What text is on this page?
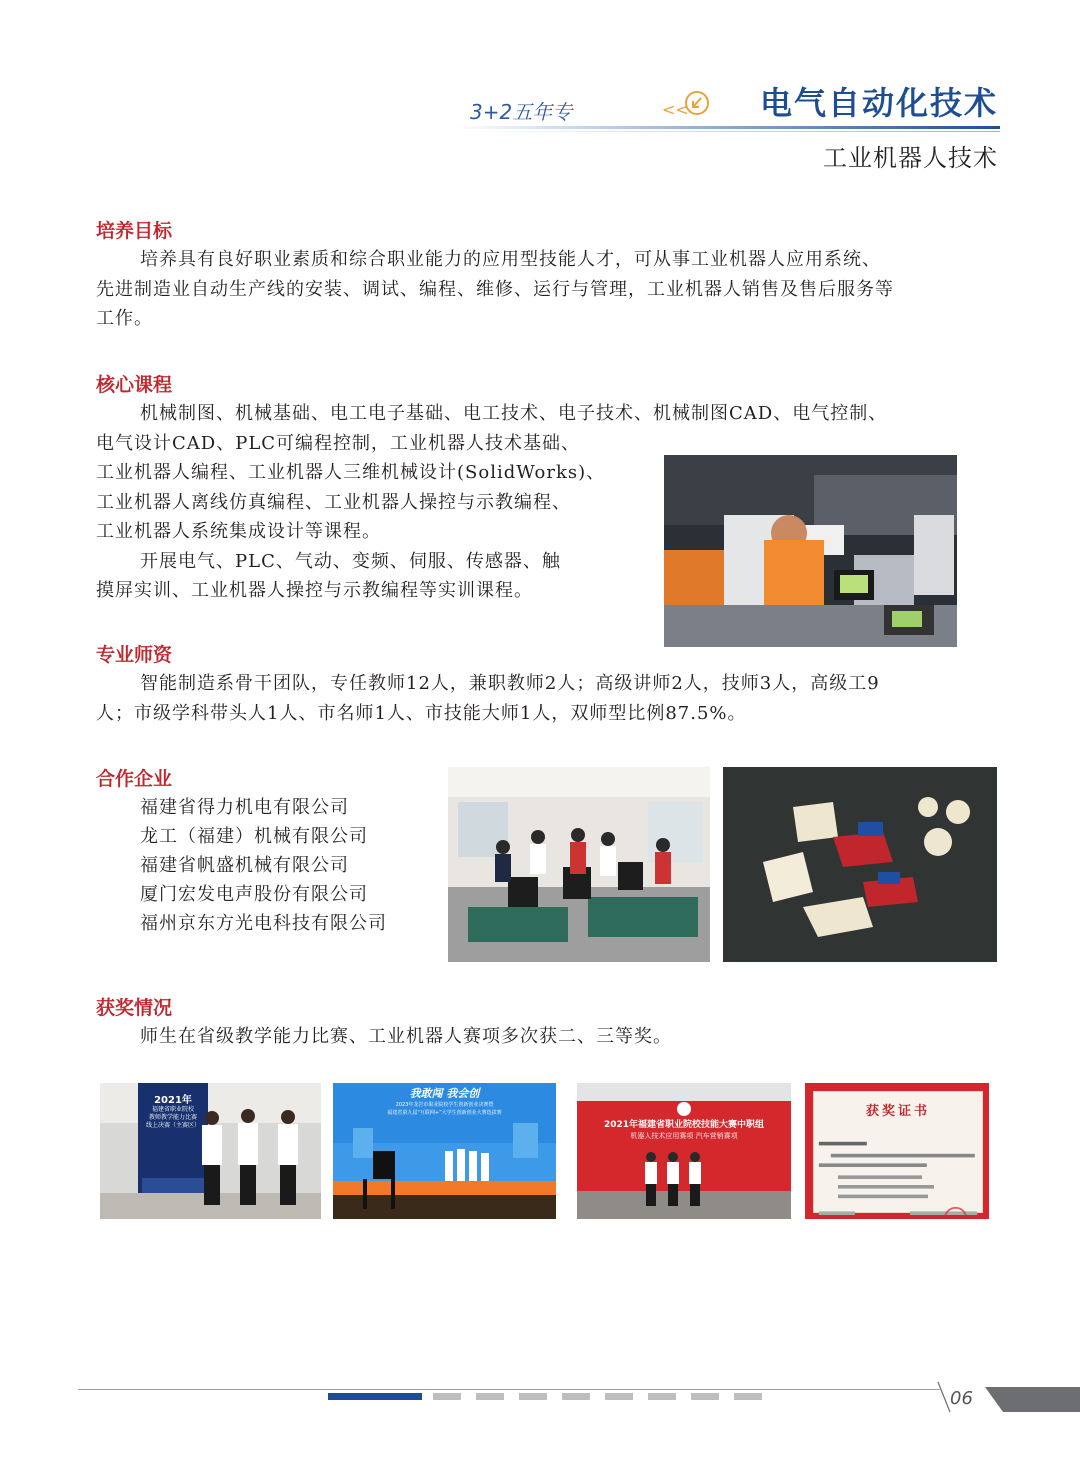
3+2五年专	<< 电气自动化技术
工业机器人技术
培养目标

培养具有良好职业素质和综合职业能力的应用型技能人才，可从事工业机器人应用系统、

先进制造业自动生产线的安装、调试、编程、维修、运行与管理，工业机器人销售及售后服务等

工作。

核心课程

机械制图、机械基础、电工电子基础、电工技术、电子技术、机械制图CAD、电气控制、

电气设计CAD、PLC可编程控制，工业机器人技术基础、

工业机器人编程、工业机器人三维机械设计(SolidWorks)、

工业机器人离线仿真编程、工业机器人操控与示教编程、

工业机器人系统集成设计等课程。

开展电气、PLC、气动、变频、伺服、传感器、触

摸屏实训、工业机器人操控与示教编程等实训课程。

专业师资

智能制造系骨干团队，专任教师12人，兼职教师2人；高级讲师2人，技师3人，高级工9

人；市级学科带头人1人、市名师1人、市技能大师1人，双师型比例87.5%。

合作企业
福建省得力机电有限公司
龙工（福建）机械有限公司
福建省帆盛机械有限公司
厦门宏发电声股份有限公司
福州京东方光电科技有限公司
获奖情况

师生在省级教学能力比赛、工业机器人赛项多次获二、三等奖。

2021年
福建省职业院校
教师教学能力比赛
线上决赛（主赛区）
我敢闯 我会创
2023年龙岩市职业院校学生创新创业决赛暨
福建省第九届“互联网+”大学生创新创业大赛选拔赛
2021年福建省职业院校技能大赛中职组
机器人技术应用赛项 汽车营销赛项
获奖证书
06
